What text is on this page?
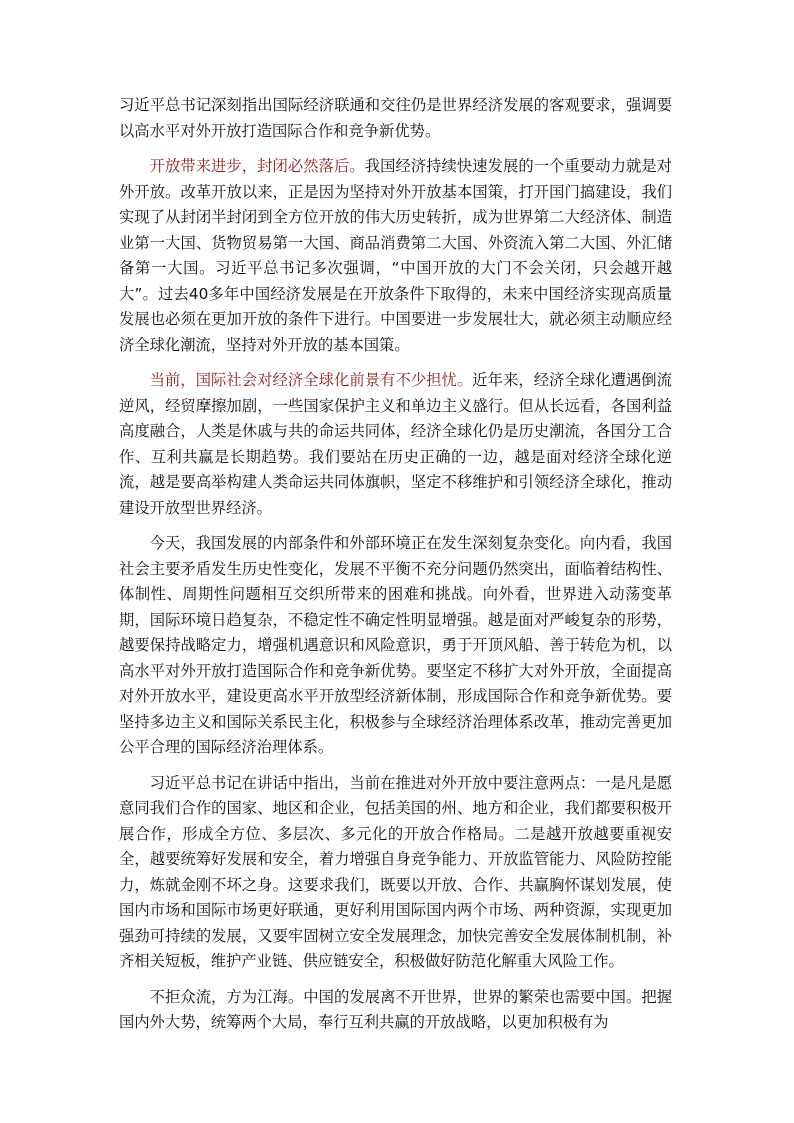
习近平总书记深刻指出国际经济联通和交往仍是世界经济发展的客观要求，强调要以高水平对外开放打造国际合作和竞争新优势。

开放带来进步，封闭必然落后。我国经济持续快速发展的一个重要动力就是对外开放。改革开放以来，正是因为坚持对外开放基本国策，打开国门搞建设，我们实现了从封闭半封闭到全方位开放的伟大历史转折，成为世界第二大经济体、制造业第一大国、货物贸易第一大国、商品消费第二大国、外资流入第二大国、外汇储备第一大国。习近平总书记多次强调，“中国开放的大门不会关闭，只会越开越大”。过去40多年中国经济发展是在开放条件下取得的，未来中国经济实现高质量发展也必须在更加开放的条件下进行。中国要进一步发展壮大，就必须主动顺应经济全球化潮流，坚持对外开放的基本国策。

当前，国际社会对经济全球化前景有不少担忧。近年来，经济全球化遭遇倒流逆风，经贸摩擦加剧，一些国家保护主义和单边主义盛行。但从长远看，各国利益高度融合，人类是休戚与共的命运共同体，经济全球化仍是历史潮流，各国分工合作、互利共赢是长期趋势。我们要站在历史正确的一边，越是面对经济全球化逆流，越是要高举构建人类命运共同体旗帜，坚定不移维护和引领经济全球化，推动建设开放型世界经济。

今天，我国发展的内部条件和外部环境正在发生深刻复杂变化。向内看，我国社会主要矛盾发生历史性变化，发展不平衡不充分问题仍然突出，面临着结构性、体制性、周期性问题相互交织所带来的困难和挑战。向外看，世界进入动荡变革期，国际环境日趋复杂，不稳定性不确定性明显增强。越是面对严峻复杂的形势，越要保持战略定力，增强机遇意识和风险意识，勇于开顶风船、善于转危为机，以高水平对外开放打造国际合作和竞争新优势。要坚定不移扩大对外开放，全面提高对外开放水平，建设更高水平开放型经济新体制，形成国际合作和竞争新优势。要坚持多边主义和国际关系民主化，积极参与全球经济治理体系改革，推动完善更加公平合理的国际经济治理体系。

习近平总书记在讲话中指出，当前在推进对外开放中要注意两点：一是凡是愿意同我们合作的国家、地区和企业，包括美国的州、地方和企业，我们都要积极开展合作，形成全方位、多层次、多元化的开放合作格局。二是越开放越要重视安全，越要统筹好发展和安全，着力增强自身竞争能力、开放监管能力、风险防控能力，炼就金刚不坏之身。这要求我们，既要以开放、合作、共赢胸怀谋划发展，使国内市场和国际市场更好联通，更好利用国际国内两个市场、两种资源，实现更加强劲可持续的发展，又要牢固树立安全发展理念，加快完善安全发展体制机制，补齐相关短板，维护产业链、供应链安全，积极做好防范化解重大风险工作。

不拒众流，方为江海。中国的发展离不开世界，世界的繁荣也需要中国。把握国内外大势，统筹两个大局，奉行互利共赢的开放战略，以更加积极有为
